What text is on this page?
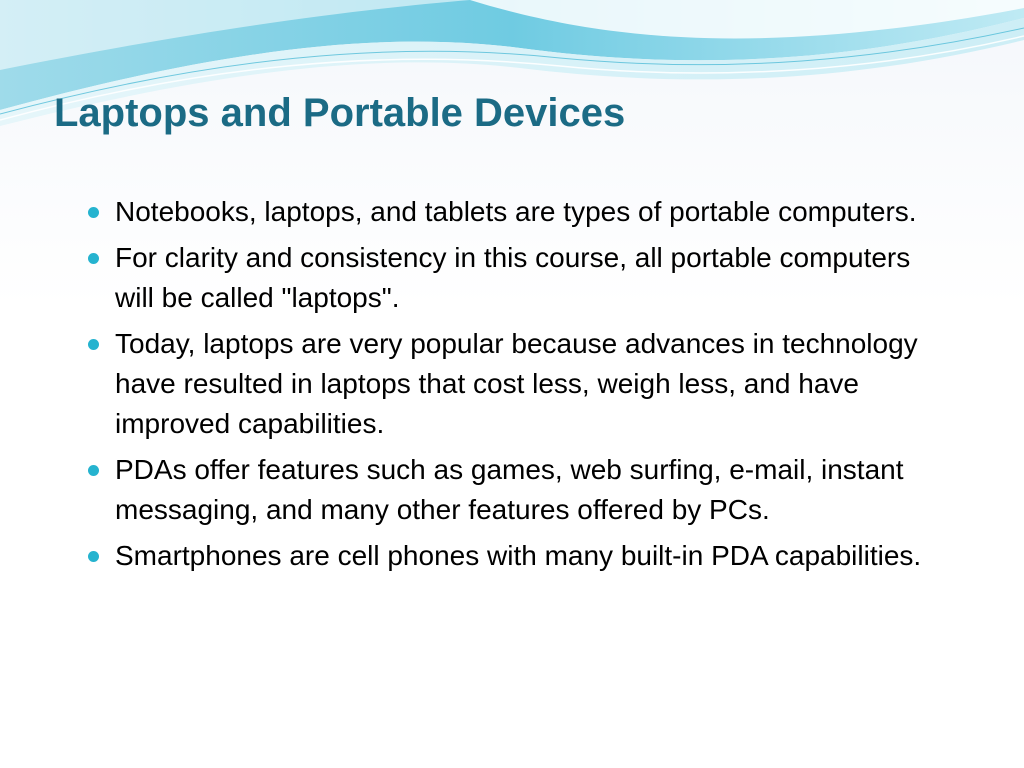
Laptops and Portable Devices
Notebooks, laptops, and tablets are types of portable computers.
For clarity and consistency in this course, all portable computers will be called "laptops".
Today, laptops are very popular because advances in technology have resulted in laptops that cost less, weigh less, and have improved capabilities.
PDAs offer features such as games, web surfing, e-mail, instant messaging, and many other features offered by PCs.
Smartphones are cell phones with many built-in PDA capabilities.
